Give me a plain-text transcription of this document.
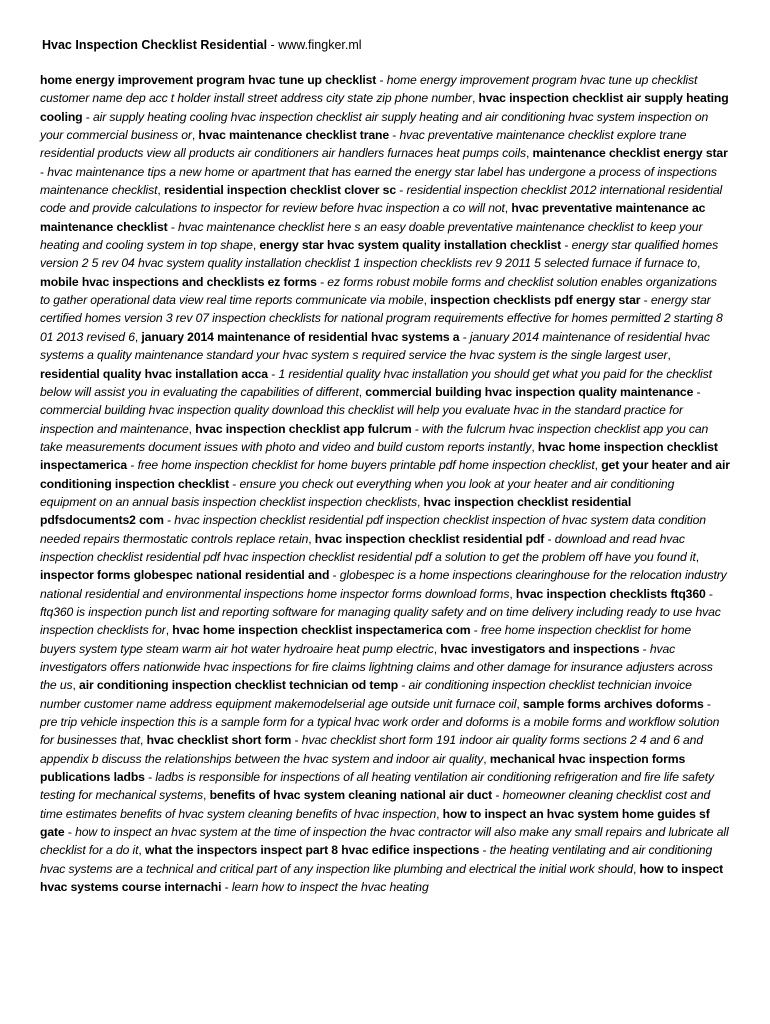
Hvac Inspection Checklist Residential - www.fingker.ml
home energy improvement program hvac tune up checklist - home energy improvement program hvac tune up checklist customer name dep acc t holder install street address city state zip phone number, hvac inspection checklist air supply heating cooling - air supply heating cooling hvac inspection checklist air supply heating and air conditioning hvac system inspection on your commercial business or, hvac maintenance checklist trane - hvac preventative maintenance checklist explore trane residential products view all products air conditioners air handlers furnaces heat pumps coils, maintenance checklist energy star - hvac maintenance tips a new home or apartment that has earned the energy star label has undergone a process of inspections maintenance checklist, residential inspection checklist clover sc - residential inspection checklist 2012 international residential code and provide calculations to inspector for review before hvac inspection a co will not, hvac preventative maintenance ac maintenance checklist - hvac maintenance checklist here s an easy doable preventative maintenance checklist to keep your heating and cooling system in top shape, energy star hvac system quality installation checklist - energy star qualified homes version 2 5 rev 04 hvac system quality installation checklist 1 inspection checklists rev 9 2011 5 selected furnace if furnace to, mobile hvac inspections and checklists ez forms - ez forms robust mobile forms and checklist solution enables organizations to gather operational data view real time reports communicate via mobile, inspection checklists pdf energy star - energy star certified homes version 3 rev 07 inspection checklists for national program requirements effective for homes permitted 2 starting 8 01 2013 revised 6, january 2014 maintenance of residential hvac systems a - january 2014 maintenance of residential hvac systems a quality maintenance standard your hvac system s required service the hvac system is the single largest user, residential quality hvac installation acca - 1 residential quality hvac installation you should get what you paid for the checklist below will assist you in evaluating the capabilities of different, commercial building hvac inspection quality maintenance - commercial building hvac inspection quality download this checklist will help you evaluate hvac in the standard practice for inspection and maintenance, hvac inspection checklist app fulcrum - with the fulcrum hvac inspection checklist app you can take measurements document issues with photo and video and build custom reports instantly, hvac home inspection checklist inspectamerica - free home inspection checklist for home buyers printable pdf home inspection checklist, get your heater and air conditioning inspection checklist - ensure you check out everything when you look at your heater and air conditioning equipment on an annual basis inspection checklist inspection checklists, hvac inspection checklist residential pdfsdocuments2 com - hvac inspection checklist residential pdf inspection checklist inspection of hvac system data condition needed repairs thermostatic controls replace retain, hvac inspection checklist residential pdf - download and read hvac inspection checklist residential pdf hvac inspection checklist residential pdf a solution to get the problem off have you found it, inspector forms globespec national residential and - globespec is a home inspections clearinghouse for the relocation industry national residential and environmental inspections home inspector forms download forms, hvac inspection checklists ftq360 - ftq360 is inspection punch list and reporting software for managing quality safety and on time delivery including ready to use hvac inspection checklists for, hvac home inspection checklist inspectamerica com - free home inspection checklist for home buyers system type steam warm air hot water hydroaire heat pump electric, hvac investigators and inspections - hvac investigators offers nationwide hvac inspections for fire claims lightning claims and other damage for insurance adjusters across the us, air conditioning inspection checklist technician od temp - air conditioning inspection checklist technician invoice number customer name address equipment makemodelserial age outside unit furnace coil, sample forms archives doforms - pre trip vehicle inspection this is a sample form for a typical hvac work order and doforms is a mobile forms and workflow solution for businesses that, hvac checklist short form - hvac checklist short form 191 indoor air quality forms sections 2 4 and 6 and appendix b discuss the relationships between the hvac system and indoor air quality, mechanical hvac inspection forms publications ladbs - ladbs is responsible for inspections of all heating ventilation air conditioning refrigeration and fire life safety testing for mechanical systems, benefits of hvac system cleaning national air duct - homeowner cleaning checklist cost and time estimates benefits of hvac system cleaning benefits of hvac inspection, how to inspect an hvac system home guides sf gate - how to inspect an hvac system at the time of inspection the hvac contractor will also make any small repairs and lubricate all checklist for a do it, what the inspectors inspect part 8 hvac edifice inspections - the heating ventilating and air conditioning hvac systems are a technical and critical part of any inspection like plumbing and electrical the initial work should, how to inspect hvac systems course internachi - learn how to inspect the hvac heating
